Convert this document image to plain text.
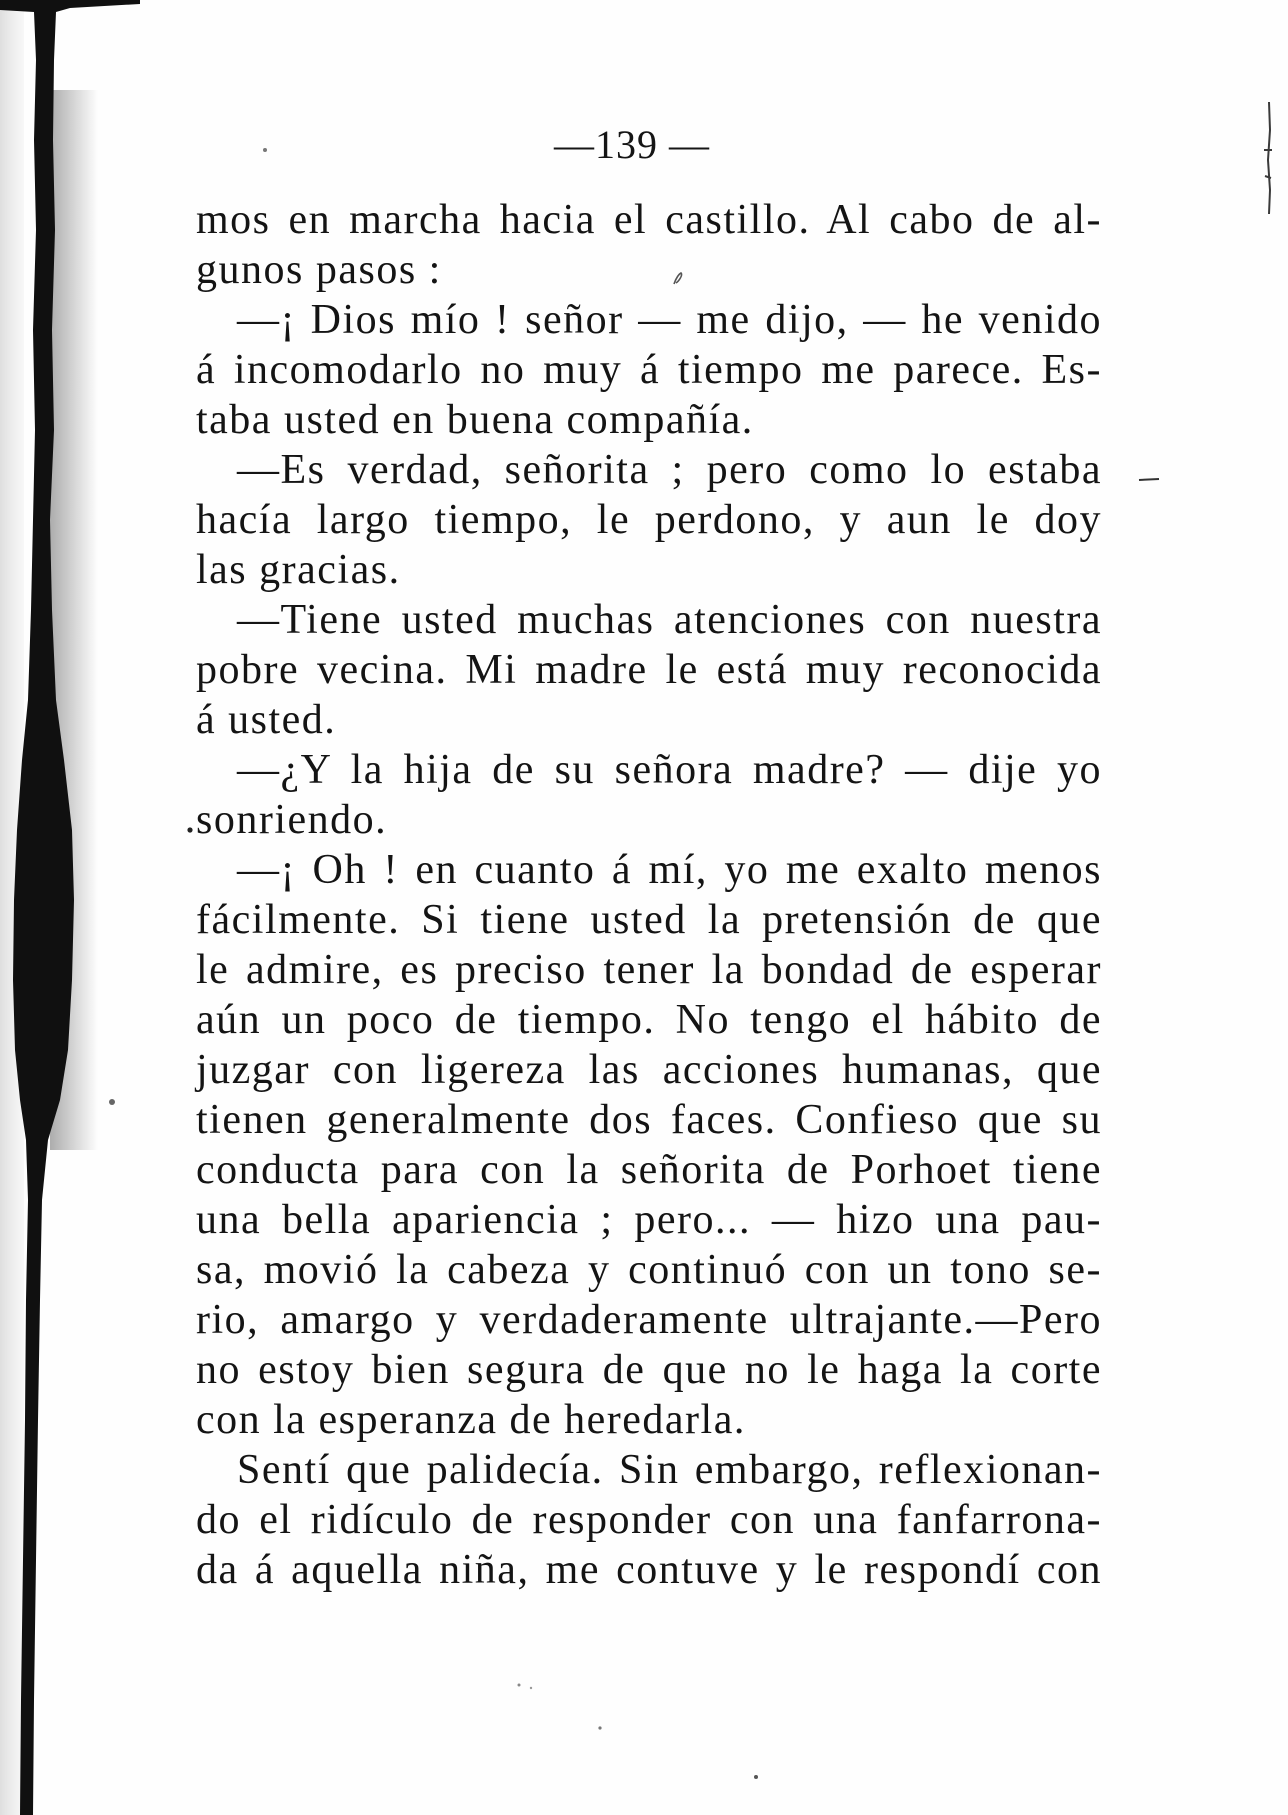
—139 —
mos en marcha hacia el castillo. Al cabo de al-
gunos pasos :
—¡ Dios mío ! señor — me dijo, — he venido
á incomodarlo no muy á tiempo me parece. Es-
taba usted en buena compañía.
—Es verdad, señorita ; pero como lo estaba
hacía largo tiempo, le perdono, y aun le doy
las gracias.
—Tiene usted muchas atenciones con nuestra
pobre vecina. Mi madre le está muy reconocida
á usted.
—¿Y la hija de su señora madre? — dije yo
sonriendo.
—¡ Oh ! en cuanto á mí, yo me exalto menos
fácilmente. Si tiene usted la pretensión de que
le admire, es preciso tener la bondad de esperar
aún un poco de tiempo. No tengo el hábito de
juzgar con ligereza las acciones humanas, que
tienen generalmente dos faces. Confieso que su
conducta para con la señorita de Porhoet tiene
una bella apariencia ; pero... — hizo una pau-
sa, movió la cabeza y continuó con un tono se-
rio, amargo y verdaderamente ultrajante.—Pero
no estoy bien segura de que no le haga la corte
con la esperanza de heredarla.
Sentí que palidecía. Sin embargo, reflexionan-
do el ridículo de responder con una fanfarrona-
da á aquella niña, me contuve y le respondí con
